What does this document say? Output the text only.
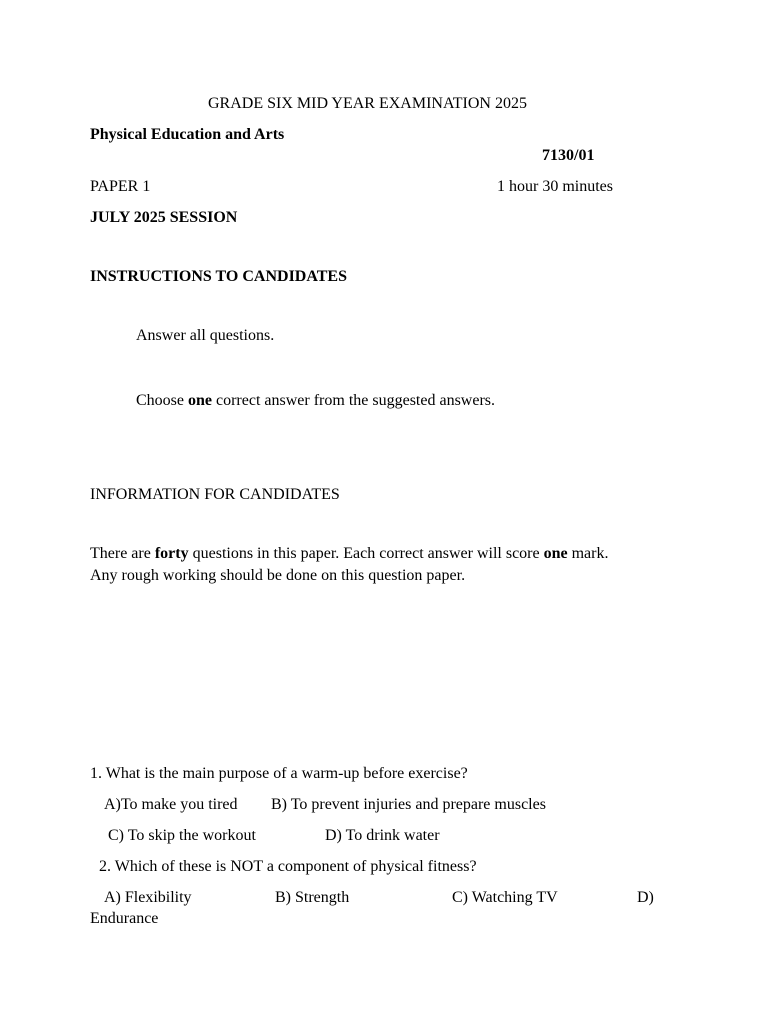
GRADE SIX MID YEAR EXAMINATION 2025
Physical Education and Arts
7130/01
PAPER 1	1 hour 30 minutes
JULY 2025 SESSION
INSTRUCTIONS TO CANDIDATES
Answer all questions.
Choose one correct answer from the suggested answers.
INFORMATION FOR CANDIDATES
There are forty questions in this paper. Each correct answer will score one mark.
Any rough working should be done on this question paper.
1. What is the main purpose of a warm-up before exercise?
A)To make you tired B) To prevent injuries and prepare muscles
C) To skip the workout	D) To drink water
2. Which of these is NOT a component of physical fitness?
A) Flexibility	B) Strength	C) Watching TV	D)
Endurance
